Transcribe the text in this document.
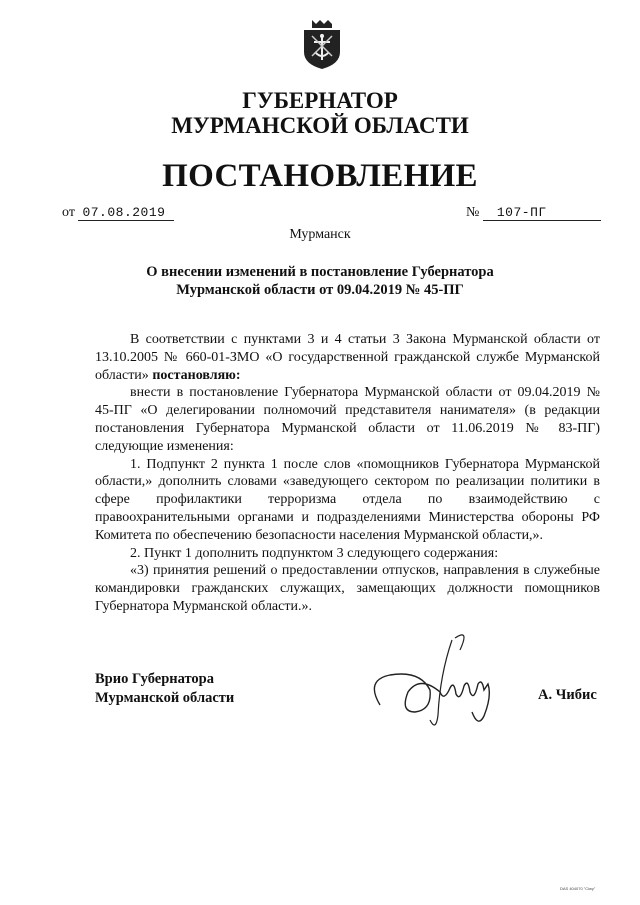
ГУБЕРНАТОР
МУРМАНСКОЙ ОБЛАСТИ
ПОСТАНОВЛЕНИЕ
от 07.08.2019	№ 107-ПГ
Мурманск
О внесении изменений в постановление Губернатора
Мурманской области от 09.04.2019 № 45-ПГ

В соответствии с пунктами 3 и 4 статьи 3 Закона Мурманской области от 13.10.2005 № 660-01-ЗМО «О государственной гражданской службе Мурманской области» постановляю:

внести в постановление Губернатора Мурманской области от 09.04.2019 № 45-ПГ «О делегировании полномочий представителя нанимателя» (в редакции постановления Губернатора Мурманской области от 11.06.2019 № 83-ПГ) следующие изменения:

1. Подпункт 2 пункта 1 после слов «помощников Губернатора Мурманской области,» дополнить словами «заведующего сектором по реализации политики в сфере профилактики терроризма отдела по взаимодействию с правоохранительными органами и подразделениями Министерства обороны РФ Комитета по обеспечению безопасности населения Мурманской области,».

2. Пункт 1 дополнить подпунктом 3 следующего содержания:

«3) принятия решений о предоставлении отпусков, направления в служебные командировки гражданских служащих, замещающих должности помощников Губернатора Мурманской области.».

Врио Губернатора
Мурманской области	А. Чибис
DAS 404070 "Ciwy"
